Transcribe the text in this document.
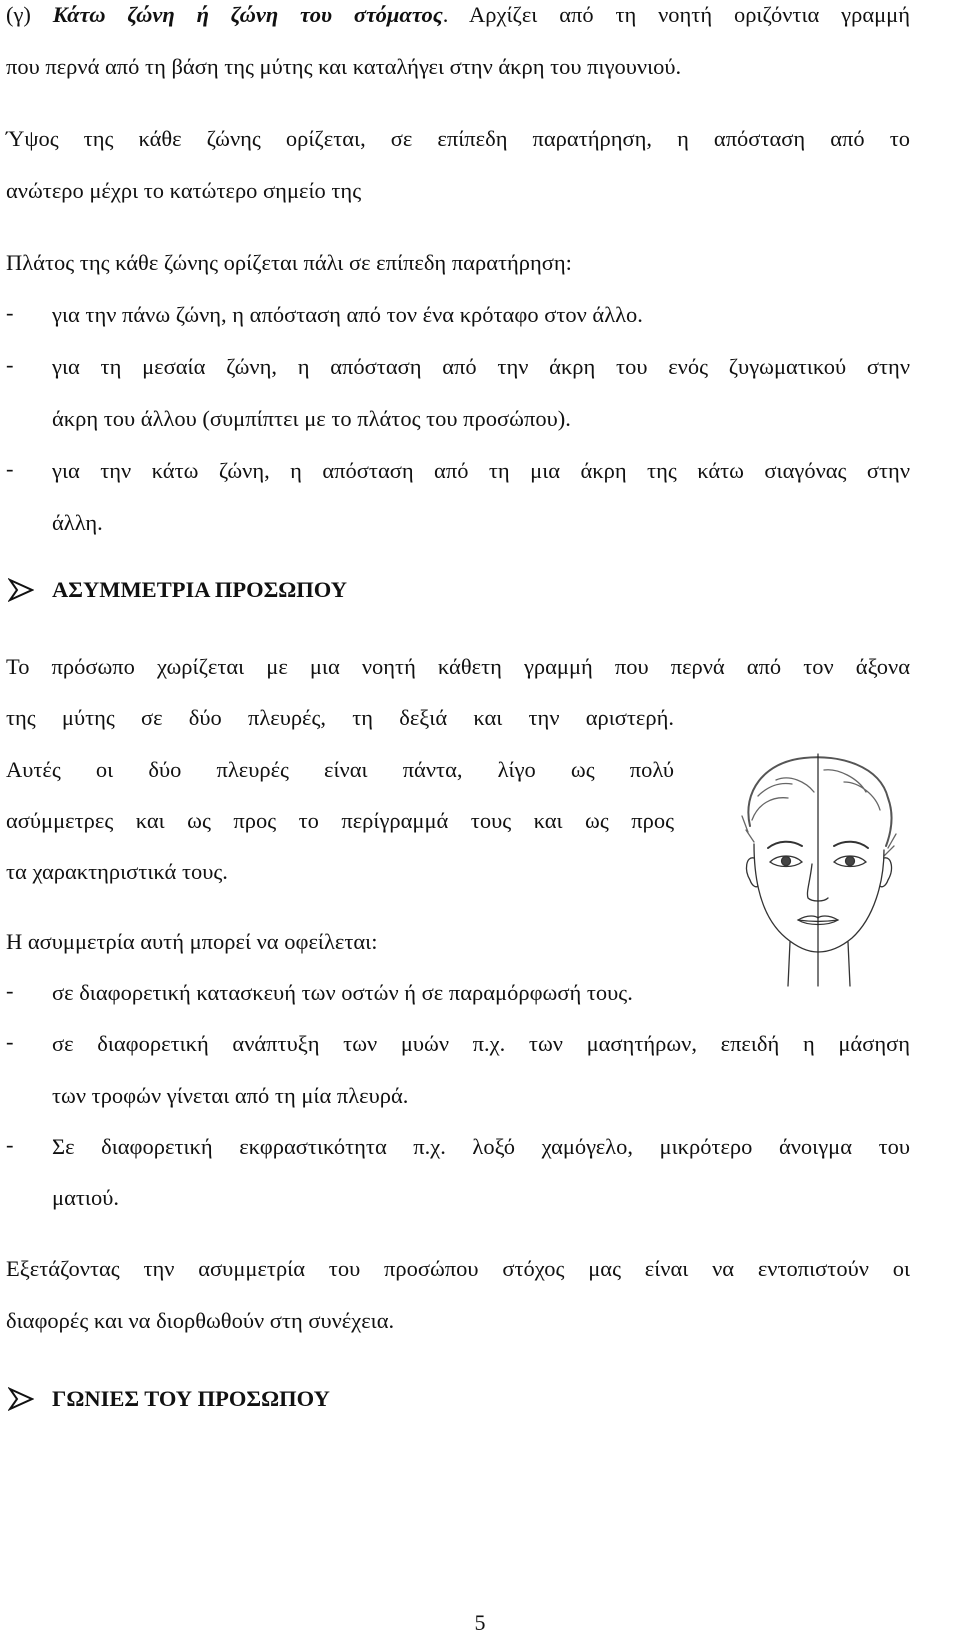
(γ) Κάτω ζώνη ή ζώνη του στόματος. Αρχίζει από τη νοητή οριζόντια γραμμή
που περνά από τη βάση της μύτης και καταλήγει στην άκρη του πιγουνιού.
Ύψος της κάθε ζώνης ορίζεται, σε επίπεδη παρατήρηση, η απόσταση από το
ανώτερο μέχρι το κατώτερο σημείο της
Πλάτος της κάθε ζώνης ορίζεται πάλι σε επίπεδη παρατήρηση:
- για την πάνω ζώνη, η απόσταση από τον ένα κρόταφο στον άλλο.
- για τη μεσαία ζώνη, η απόσταση από την άκρη του ενός ζυγωματικού στην
άκρη του άλλου (συμπίπτει με το πλάτος του προσώπου).
- για την κάτω ζώνη, η απόσταση από τη μια άκρη της κάτω σιαγόνας στην
άλλη.
ΑΣΥΜΜΕΤΡΙΑ ΠΡΟΣΩΠΟΥ
Το πρόσωπο χωρίζεται με μια νοητή κάθετη γραμμή που περνά από τον άξονα
της μύτης σε δύο πλευρές, τη δεξιά και την αριστερή.
Αυτές οι δύο πλευρές είναι πάντα, λίγο ως πολύ
ασύμμετρες και ως προς το περίγραμμά τους και ως προς
τα χαρακτηριστικά τους.
Η ασυμμετρία αυτή μπορεί να οφείλεται:
- σε διαφορετική κατασκευή των οστών ή σε παραμόρφωσή τους.
- σε διαφορετική ανάπτυξη των μυών π.χ. των μασητήρων, επειδή η μάσηση
των τροφών γίνεται από τη μία πλευρά.
- Σε διαφορετική εκφραστικότητα π.χ. λοξό χαμόγελο, μικρότερο άνοιγμα του
ματιού.
Εξετάζοντας την ασυμμετρία του προσώπου στόχος μας είναι να εντοπιστούν οι
διαφορές και να διορθωθούν στη συνέχεια.
ΓΩΝΙΕΣ ΤΟΥ ΠΡΟΣΩΠΟΥ
5
